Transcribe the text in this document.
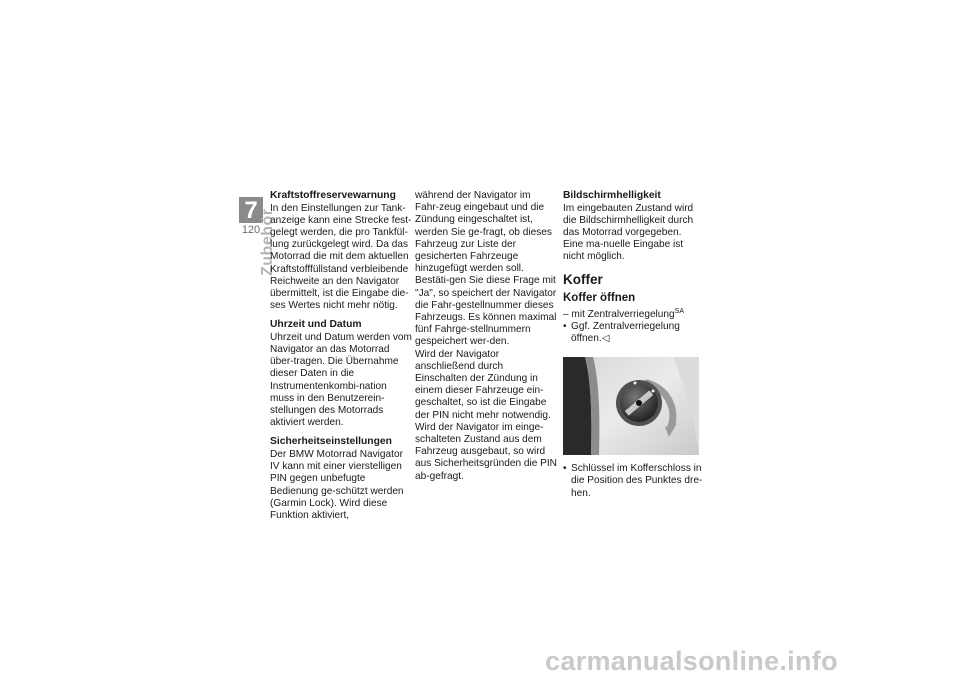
7
120
Zubehör
Kraftstoffreservewarnung

In den Einstellungen zur Tank-anzeige kann eine Strecke fest-gelegt werden, die pro Tankfül-lung zurückgelegt wird. Da das Motorrad die mit dem aktuellen Kraftstofffüllstand verbleibende Reichweite an den Navigator übermittelt, ist die Eingabe die-ses Wertes nicht mehr nötig.

Uhrzeit und Datum

Uhrzeit und Datum werden vom Navigator an das Motorrad über-tragen. Die Übernahme dieser Daten in die Instrumentenkombi-nation muss in den Benutzerein-stellungen des Motorrads aktiviert werden.

Sicherheitseinstellungen

Der BMW Motorrad Navigator IV kann mit einer vierstelligen PIN gegen unbefugte Bedienung ge-schützt werden (Garmin Lock). Wird diese Funktion aktiviert,

während der Navigator im Fahr-zeug eingebaut und die Zündung eingeschaltet ist, werden Sie ge-fragt, ob dieses Fahrzeug zur Liste der gesicherten Fahrzeuge hinzugefügt werden soll. Bestäti-gen Sie diese Frage mit "Ja", so speichert der Navigator die Fahr-gestellnummer dieses Fahrzeugs. Es können maximal fünf Fahrge-stellnummern gespeichert wer-den.

Wird der Navigator anschließend durch Einschalten der Zündung in einem dieser Fahrzeuge ein-geschaltet, so ist die Eingabe der PIN nicht mehr notwendig.

Wird der Navigator im einge-schalteten Zustand aus dem Fahrzeug ausgebaut, so wird aus Sicherheitsgründen die PIN ab-gefragt.

Bildschirmhelligkeit

Im eingebauten Zustand wird die Bildschirmhelligkeit durch das Motorrad vorgegeben. Eine ma-nuelle Eingabe ist nicht möglich.

Koffer
Koffer öffnen

– mit Zentralverriegelung$^{SA}$

• Ggf. Zentralverriegelung öffnen.◁

• Schlüssel im Kofferschloss in die Position des Punktes dre-hen.

carmanualsonline.info
